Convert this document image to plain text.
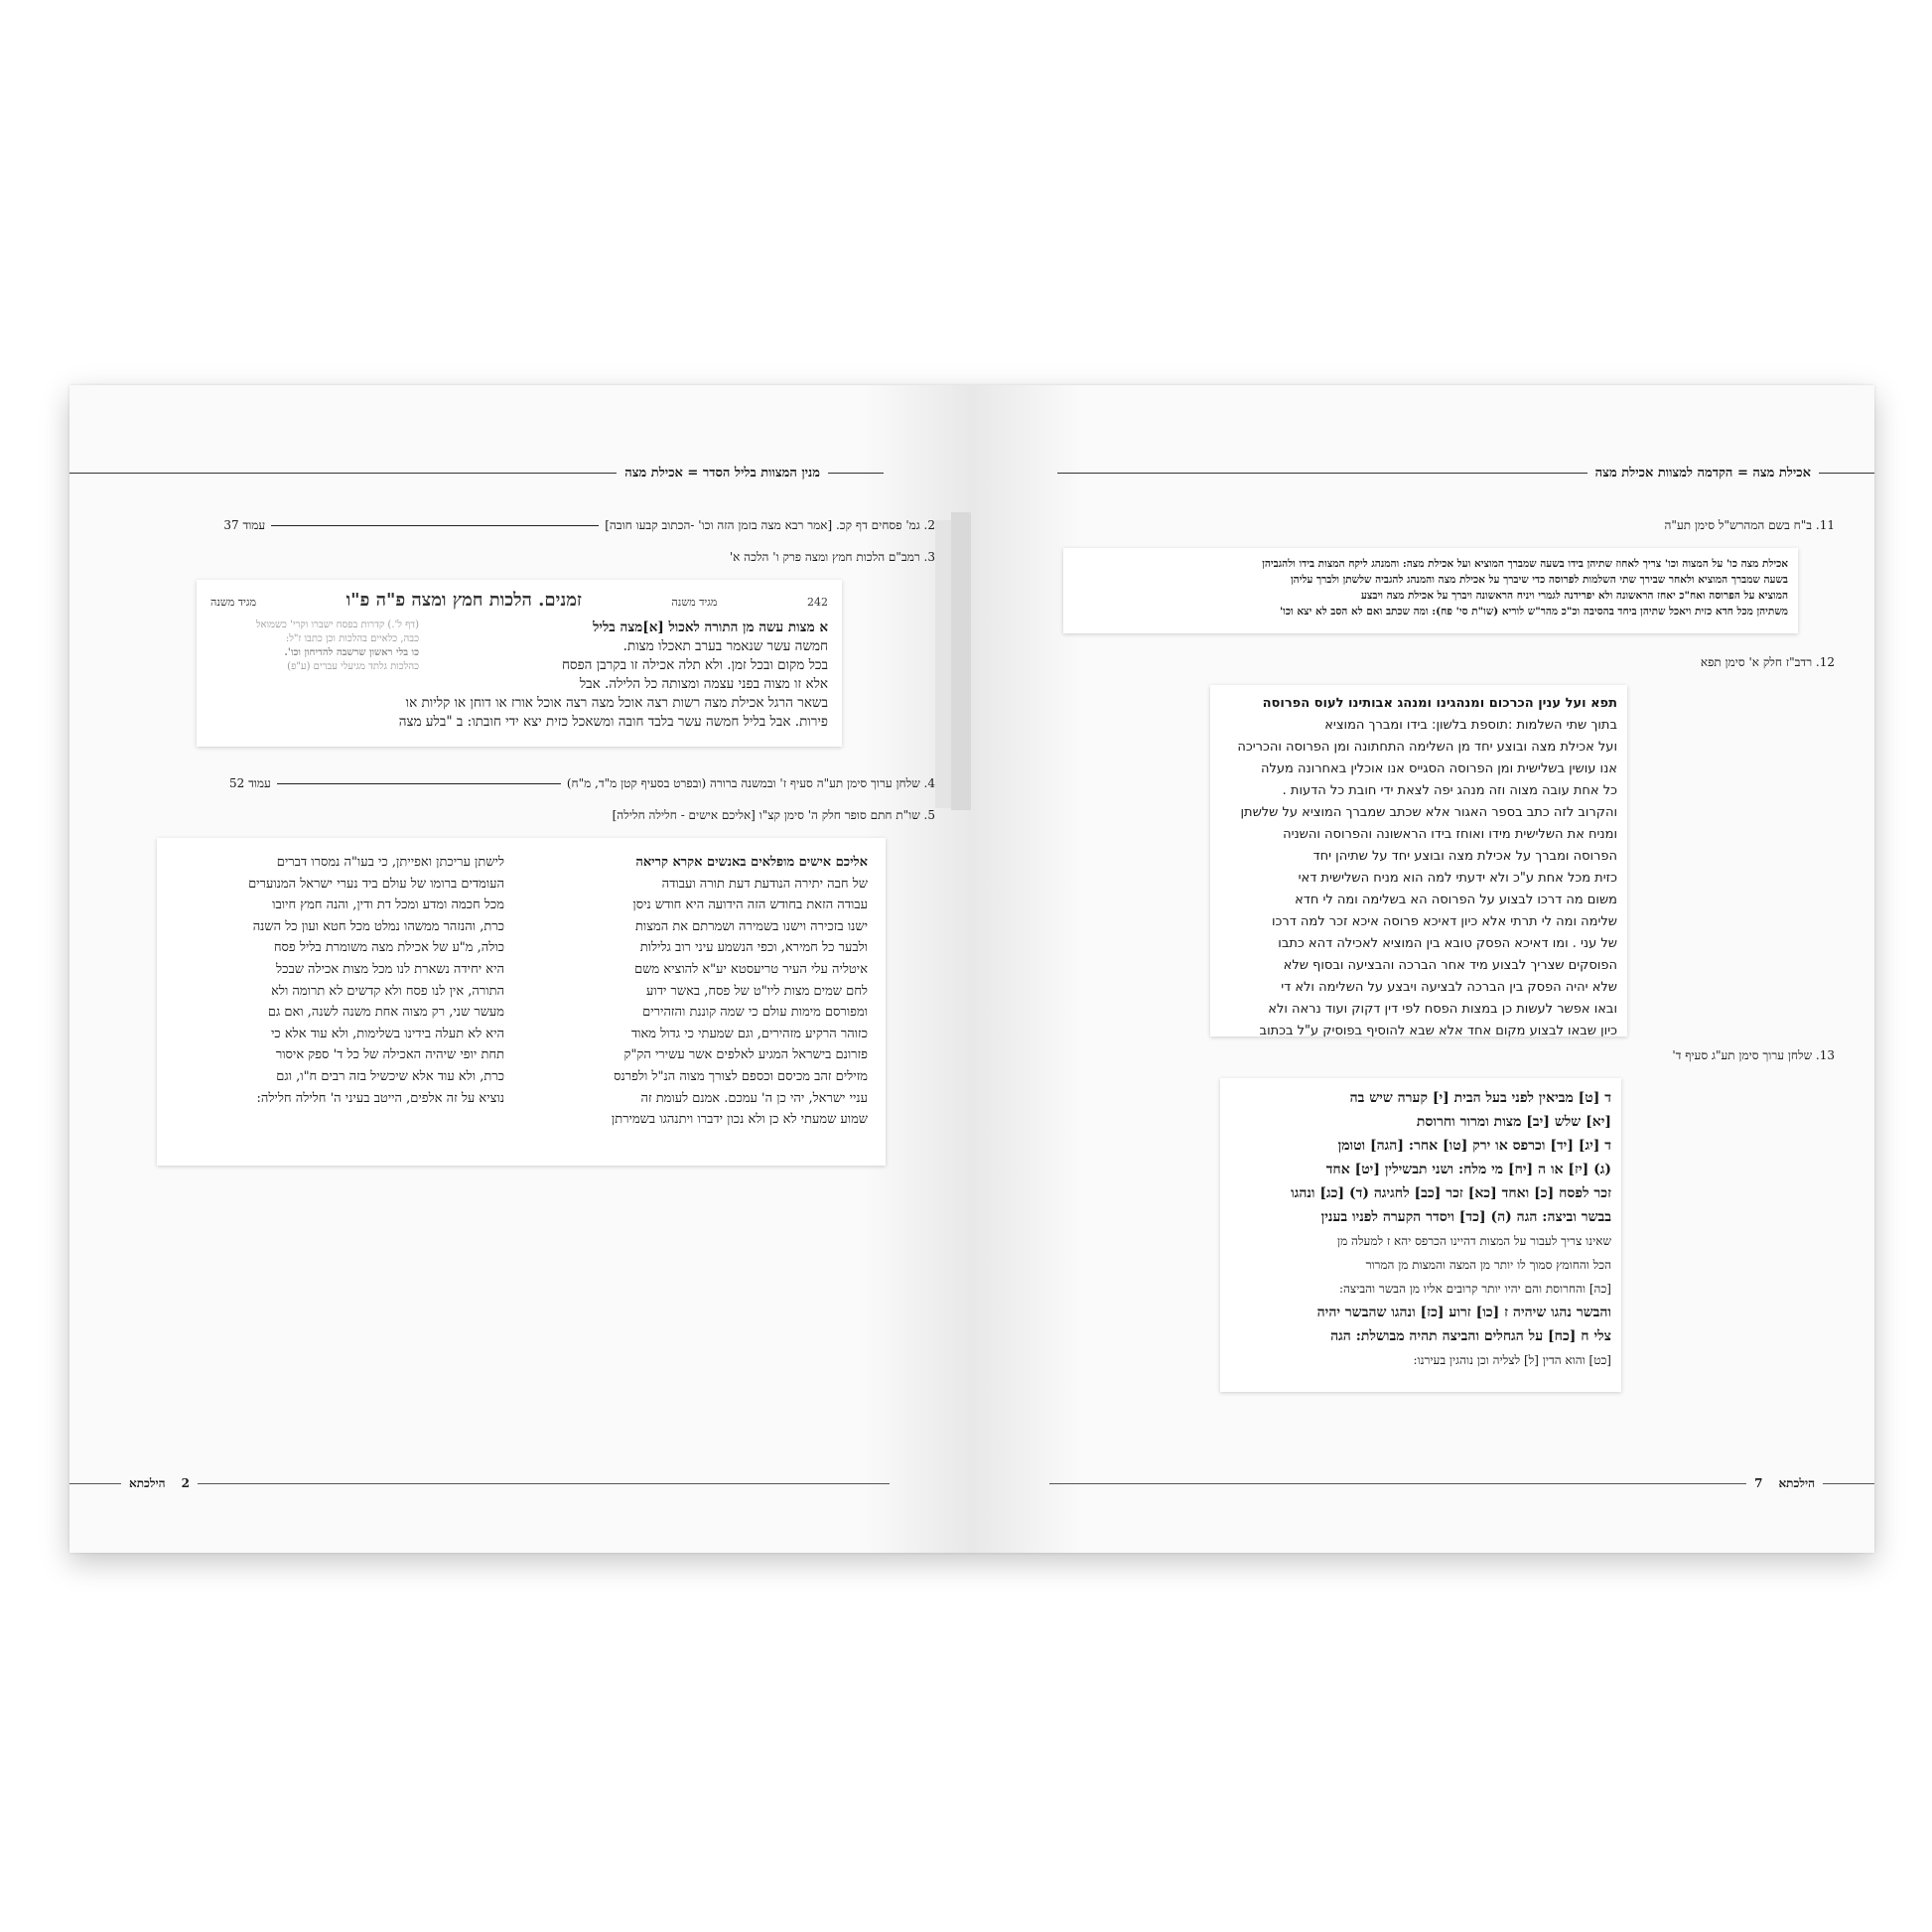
מנין המצוות בליל הסדר = אכילת מצה
2. גמ' פסחים דף קכ. [אמר רבא מצה בזמן הזה וכו' -הכתוב קבעו חובה]
עמוד 37
3. רמב"ם הלכות חמץ ומצה פרק ו' הלכה א'
242
מגיד משנה
זמנים. הלכות חמץ ומצה פ"ה פ"ו
מגיד משנה
א מצות עשה מן התורה לאכול [א]מצה בליל
חמשה עשר שנאמר בערב תאכלו מצות.
בכל מקום ובכל זמן. ולא תלה אכילה זו בקרבן הפסח
אלא זו מצוה בפני עצמה ומצותה כל הלילה. אבל
(דף ל'.) קדרות בפסח ישברו וקרי' כשמואל
כבה, כלאיים בהלכות וכן כתבו ז"ל:
כו בלי ראשון שרשבה להדיחון וכו'.
כהלכות גלתד מגיעלי עברים (ע"פ)
בשאר הרגל אכילת מצה רשות רצה אוכל מצה רצה אוכל אורז או דוחן או קליות או
פירות. אבל בליל חמשה עשר בלבד חובה ומשאכל כזית יצא ידי חובתו: ב "בלע מצה
4. שלחן ערוך סימן תע"ה סעיף ז' ובמשנה ברורה (ובפרט בסעיף קטן מ"ד, מ"ח)
עמוד 52
5. שו"ת חתם סופר חלק ה' סימן קצ"ו [אליכם אישים - חלילה חלילה]
אליכם אישים מופלאים באנשים אקרא קריאה
של חבה יתירה הנודעת דעת תורה ועבודה
עבודה הזאת בחודש הזה הידועה היא חודש ניסן
ישנו בזכירה וישנו בשמירה ושמרתם את המצות
ולבער כל חמירא, וכפי הנשמע עיני רוב גלילות
איטליה עלי העיר טריעסטא יע"א להוציא משם
לחם שמים מצות ליו"ט של פסח, באשר ידוע
ומפורסם מימות עולם כי שמה קוננת והזהירים
כזוהר הרקיע מזהירים, וגם שמעתי כי גדול מאוד
פזרונם בישראל המגיע לאלפים אשר עשירי הק"ק
מזילים זהב מכיסם וכספם לצורך מצוה הנ"ל ולפרנס
עניי ישראל, יהי כן ה' עמכם. אמנם לעומת זה
שמוע שמעתי לא כן ולא נכון ידברו ויתנהגו בשמירתן
לישתן עריכתן ואפייתן, כי בעו"ה נמסרו דברים
העומדים ברומו של עולם ביד נערי ישראל המנוערים
מכל חכמה ומדע ומכל דת ודין, והנה חמץ חיובו
כרת, והנזהר ממשהו נמלט מכל חטא ועון כל השנה
כולה, מ"ע של אכילת מצה משומרת בליל פסח
היא יחידה נשארת לנו מכל מצות אכילה שבכל
התורה, אין לנו פסח ולא קדשים לא תרומה ולא
מעשר שני, רק מצוה אחת משנה לשנה, ואם גם
היא לא תעלה בידינו בשלימות, ולא עוד אלא כי
תחת יופי שיהיה האכילה של כל ד' ספק איסור
כרת, ולא עוד אלא שיכשיל בזה רבים ח"ו, וגם
נוציא על זה אלפים, הייטב בעיני ה' חלילה חלילה:
2
הילכתא
אכילת מצה = הקדמה למצוות אכילת מצה
11. ב"ח בשם המהרש"ל סימן תע"ה
אכילת מצה כו' על המצוה וכו' צריך לאחוז שתיהן בידו בשעה שמברך המוציא ועל אכילת מצה: והמנהג ליקח המצות בידו ולהגביהן
בשעה שמברך המוציא ולאחר שבירך שתי השלמות לפרוסה כדי שיברך על אכילת מצה והמנהג להגביה שלשתן ולברך עליהן
המוציא על הפרוסה ואח"כ יאחז הראשונה ולא יפרידנה לגמרי ויניח הראשונה ויברך על אכילת מצה ויבצע
משתיהן מכל חדא כזית ויאכל שתיהן ביחד בהסיבה וכ"כ מהר"ש לוריא (שו"ת סי' פח): ומה שכתב ואם לא הסב לא יצא וכו'
12. רדב"ז חלק א' סימן תפא
תפא ועל ענין הכרכום ומנהגינו ומנהג אבותינו לעוס הפרוסה
בתוך שתי השלמות :תוספת בלשון: בידו ומברך המוציא
ועל אכילת מצה ובוצע יחד מן השלימה התחתונה ומן הפרוסה והכריכה
אנו עושין בשלישית ומן הפרוסה הסגייס אנו אוכלין באחרונה מעלה
כל אחת עובה מצוה וזה מנהג יפה לצאת ידי חובת כל הדעות .
והקרוב לזה כתב בספר האגור אלא שכתב שמברך המוציא על שלשתן
ומניח את השלישית מידו ואוחז בידו הראשונה והפרוסה והשניה
הפרוסה ומברך על אכילת מצה ובוצע יחד על שתיהן יחד
כזית מכל אחת ע"כ ולא ידעתי למה הוא מניח השלישית דאי
משום מה דרכו לבצוע על הפרוסה הא בשלימה ומה לי חדא
שלימה ומה לי תרתי אלא כיון דאיכא פרוסה איכא זכר למה דרכו
של עני . ומו דאיכא הפסק טובא בין המוציא לאכילה דהא כתבו
הפוסקים שצריך לבצוע מיד אחר הברכה והבציעה ובסוף שלא
שלא יהיה הפסק בין הברכה לבציעה ויבצע על השלימה ולא די
ובאו אפשר לעשות כן במצות הפסח לפי דין דקוק ועוד נראה ולא
כיון שבאו לבצוע מקום אחד אלא שבא להוסיף בפוסיק ע"ל בכתוב
13. שלחן ערוך סימן תע"ג סעיף ד'
ד [ט] מביאין לפני בעל הבית [י] קערה שיש בה
[יא] שלש [יב] מצות ומרור וחרוסת
ד [יג] [יד] וכרפס או ירק [טו] אחר: [הגה] וטומן
(ג) [יז] או ה [יח] מי מלח: ושני תבשילין [יט] אחד
זכר לפסח [כ] ואחד [כא] זכר [כב] לחגיגה (ד) [כג] ונהגו
בבשר וביצה: הגה (ה) [כד] ויסדר הקערה לפניו בענין
שאינו צריך לעבור על המצות דהיינו הכרפס יהא ז למעלה מן
הכל והחומץ סמוך לו יותר מן המצה והמצות מן המרור
[כה] והחרוסת והם יהיו יותר קרובים אליו מן הבשר והביצה:
והבשר נהגו שיהיה ז [כו] זרוע [כז] ונהגו שהבשר יהיה
צלי ח [כח] על הגחלים והביצה תהיה מבושלת: הגה
[כט] והוא הדין [ל] לצליה וכן נוהגין בעירנו:
הילכתא
7
